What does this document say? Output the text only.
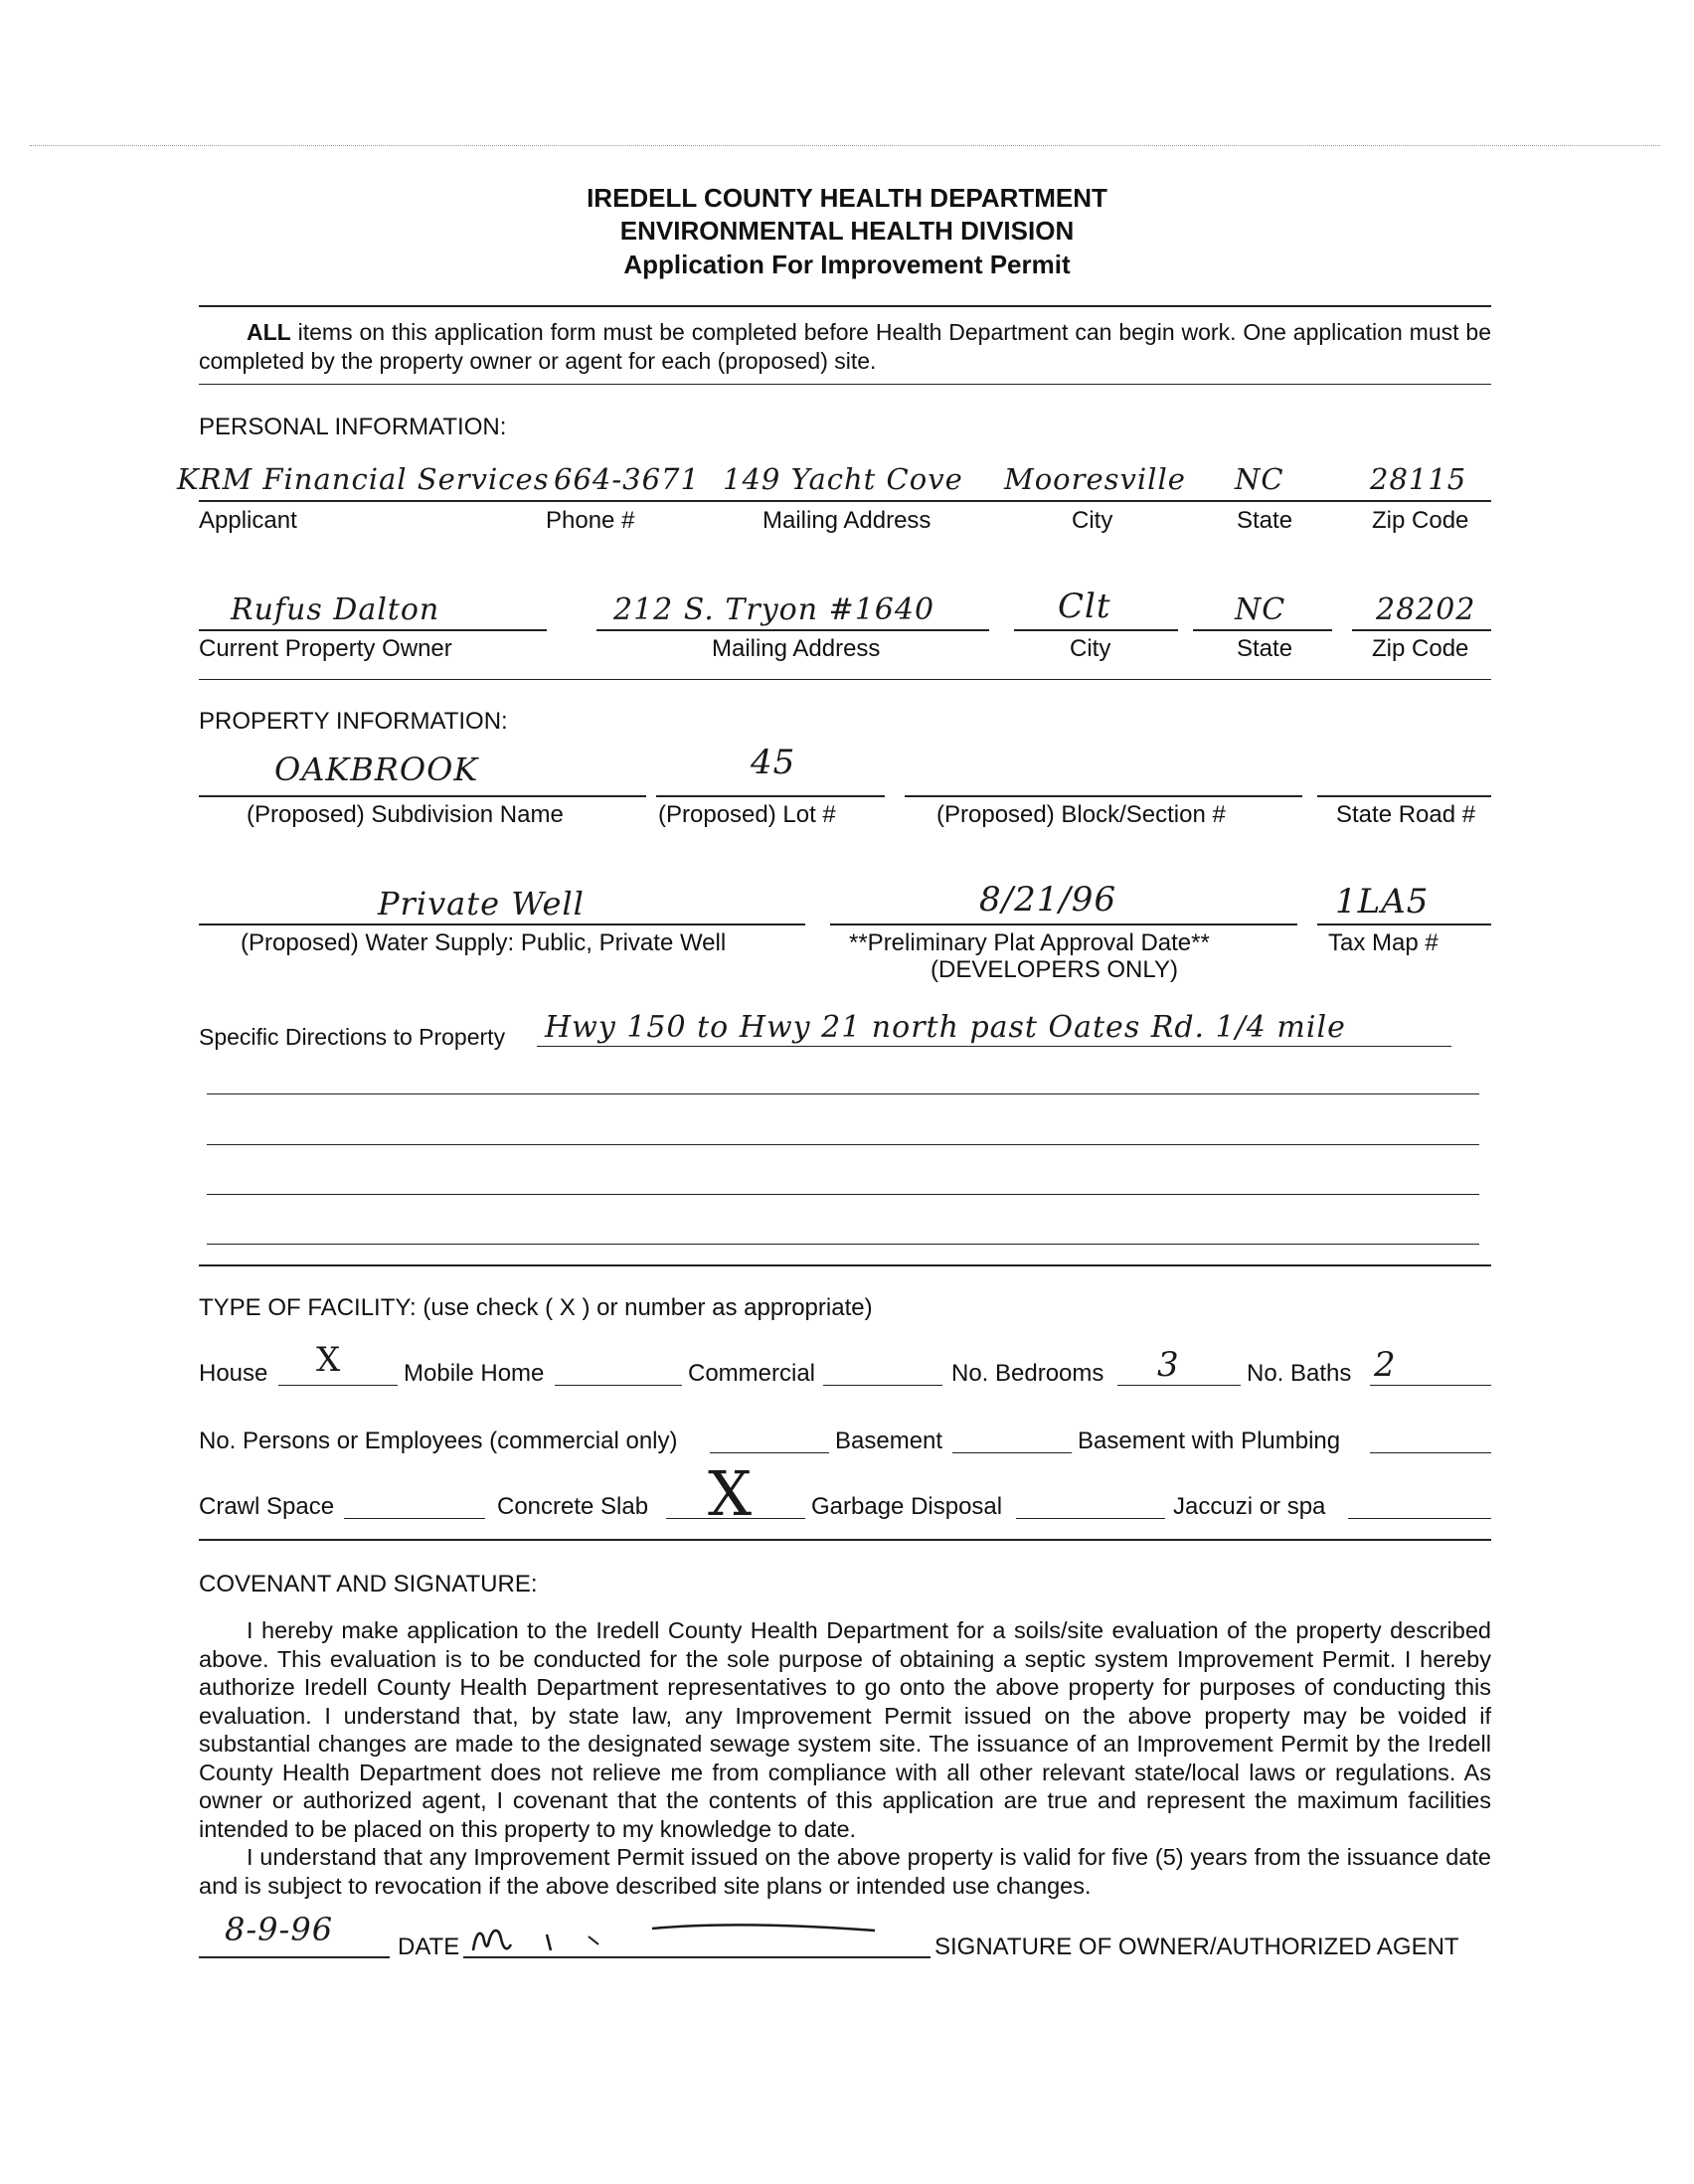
IREDELL COUNTY HEALTH DEPARTMENT
ENVIRONMENTAL HEALTH DIVISION
Application For Improvement Permit
ALL items on this application form must be completed before Health Department can begin work. One application must be completed by the property owner or agent for each (proposed) site.
PERSONAL INFORMATION:
KRM Financial Services 664-3671 149 Yacht Cove Mooresville NC	28115
Applicant	Phone #	Mailing Address	City	State	Zip Code
Rufus Dalton	212 S. Tryon #1640	Clt	NC	28202
Current Property Owner	Mailing Address	City	State	Zip Code
PROPERTY INFORMATION:
OAKBROOK	45
(Proposed) Subdivision Name	(Proposed) Lot #	(Proposed) Block/Section #	State Road #
Private Well	8/21/96	1LA5
(Proposed) Water Supply: Public, Private Well	**Preliminary Plat Approval Date**
(DEVELOPERS ONLY)
Tax Map #
Specific Directions to Property Hwy 150 to Hwy 21 north past Oates Rd. 1/4 mile
TYPE OF FACILITY: (use check ( X ) or number as appropriate)
House X	Mobile Home	Commercial	No. Bedrooms 3	No. Baths 2
No. Persons or Employees (commercial only)	Basement	Basement with Plumbing
Crawl Space	Concrete Slab X Garbage Disposal	Jaccuzi or spa
COVENANT AND SIGNATURE:
I hereby make application to the Iredell County Health Department for a soils/site evaluation of the property described above. This evaluation is to be conducted for the sole purpose of obtaining a septic system Improvement Permit. I hereby authorize Iredell County Health Department representatives to go onto the above property for purposes of conducting this evaluation. I understand that, by state law, any Improvement Permit issued on the above property may be voided if substantial changes are made to the designated sewage system site. The issuance of an Improvement Permit by the Iredell County Health Department does not relieve me from compliance with all other relevant state/local laws or regulations. As owner or authorized agent, I covenant that the contents of this application are true and represent the maximum facilities intended to be placed on this property to my knowledge to date.
I understand that any Improvement Permit issued on the above property is valid for five (5) years from the issuance date and is subject to revocation if the above described site plans or intended use changes.
8-9-96	DATE	SIGNATURE OF OWNER/AUTHORIZED AGENT
